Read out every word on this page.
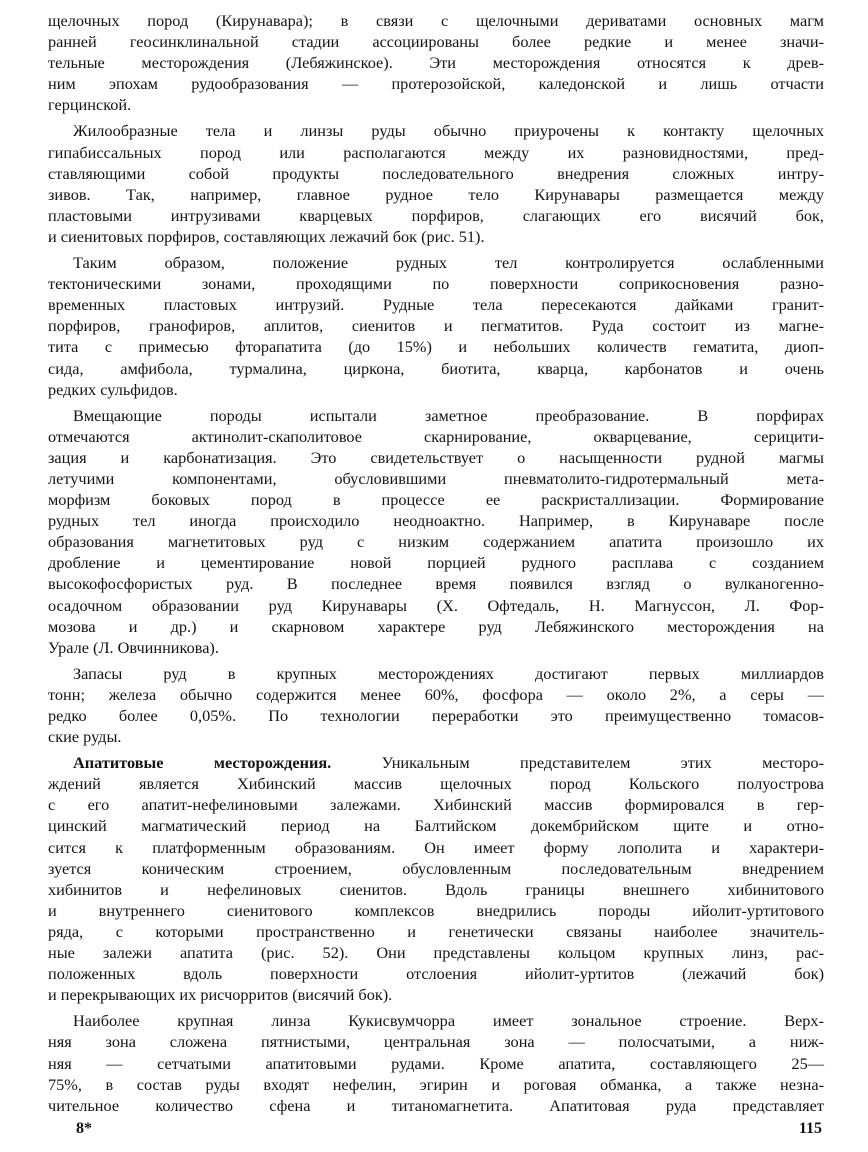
щелочных пород (Кирунавара); в связи с щелочными дериватами основных магм

ранней геосинклинальной стадии ассоциированы более редкие и менее значи-

тельные месторождения (Лебяжинское). Эти месторождения относятся к древ-

ним эпохам рудообразования — протерозойской, каледонской и лишь отчасти

герцинской.

Жилообразные тела и линзы руды обычно приурочены к контакту щелочных

гипабиссальных пород или располагаются между их разновидностями, пред-

ставляющими собой продукты последовательного внедрения сложных интру-

зивов. Так, например, главное рудное тело Кирунавары размещается между

пластовыми интрузивами кварцевых порфиров, слагающих его висячий бок,

и сиенитовых порфиров, составляющих лежачий бок (рис. 51).

Таким образом, положение рудных тел контролируется ослабленными

тектоническими зонами, проходящими по поверхности соприкосновения разно-

временных пластовых интрузий. Рудные тела пересекаются дайками гранит-

порфиров, гранофиров, аплитов, сиенитов и пегматитов. Руда состоит из магне-

тита с примесью фторапатита (до 15%) и небольших количеств гематита, диоп-

сида, амфибола, турмалина, циркона, биотита, кварца, карбонатов и очень

редких сульфидов.

Вмещающие породы испытали заметное преобразование. В порфирах

отмечаются актинолит-скаполитовое скарнирование, окварцевание, серицити-

зация и карбонатизация. Это свидетельствует о насыщенности рудной магмы

летучими компонентами, обусловившими пневматолито-гидротермальный мета-

морфизм боковых пород в процессе ее раскристаллизации. Формирование

рудных тел иногда происходило неодноактно. Например, в Кирунаваре после

образования магнетитовых руд с низким содержанием апатита произошло их

дробление и цементирование новой порцией рудного расплава с созданием

высокофосфористых руд. В последнее время появился взгляд о вулканогенно-

осадочном образовании руд Кирунавары (Х. Офтедаль, Н. Магнуссон, Л. Фор-

мозова и др.) и скарновом характере руд Лебяжинского месторождения на

Урале (Л. Овчинникова).

Запасы руд в крупных месторождениях достигают первых миллиардов

тонн; железа обычно содержится менее 60%, фосфора — около 2%, а серы —

редко более 0,05%. По технологии переработки это преимущественно томасов-

ские руды.

Апатитовые месторождения. Уникальным представителем этих месторо-

ждений является Хибинский массив щелочных пород Кольского полуострова

с его апатит-нефелиновыми залежами. Хибинский массив формировался в гер-

цинский магматический период на Балтийском докембрийском щите и отно-

сится к платформенным образованиям. Он имеет форму лополита и характери-

зуется коническим строением, обусловленным последовательным внедрением

хибинитов и нефелиновых сиенитов. Вдоль границы внешнего хибинитового

и внутреннего сиенитового комплексов внедрились породы ийолит-уртитового

ряда, с которыми пространственно и генетически связаны наиболее значитель-

ные залежи апатита (рис. 52). Они представлены кольцом крупных линз, рас-

положенных вдоль поверхности отслоения ийолит-уртитов (лежачий бок)

и перекрывающих их рисчорритов (висячий бок).

Наиболее крупная линза Кукисвумчорра имеет зональное строение. Верх-

няя зона сложена пятнистыми, центральная зона — полосчатыми, а ниж-

няя — сетчатыми апатитовыми рудами. Кроме апатита, составляющего 25—

75%, в состав руды входят нефелин, эгирин и роговая обманка, а также незна-

чительное количество сфена и титаномагнетита. Апатитовая руда представляет

8*	115
